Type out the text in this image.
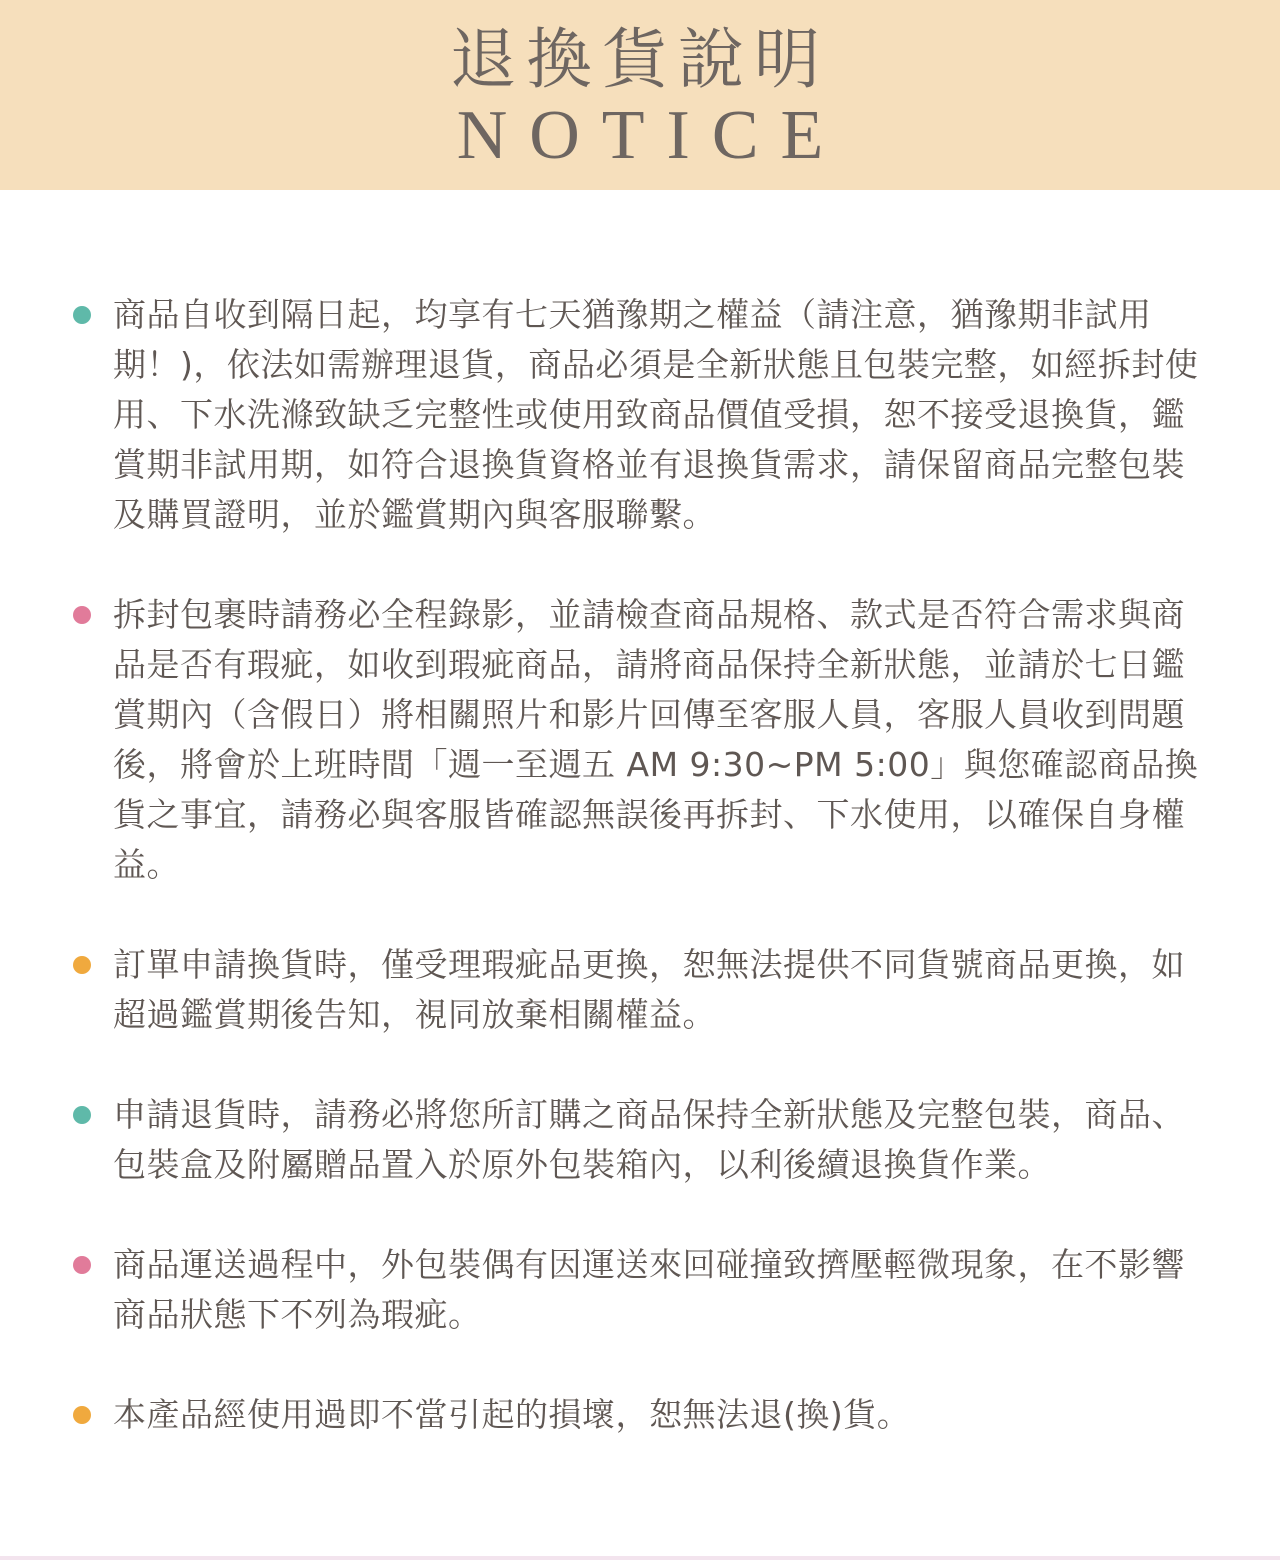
退換貨說明
NOTICE

商品自收到隔日起，均享有七天猶豫期之權益（請注意，猶豫期非試用期！)，依法如需辦理退貨，商品必須是全新狀態且包裝完整，如經拆封使用、下水洗滌致缺乏完整性或使用致商品價值受損，恕不接受退換貨，鑑賞期非試用期，如符合退換貨資格並有退換貨需求，請保留商品完整包裝及購買證明，並於鑑賞期內與客服聯繫。

拆封包裹時請務必全程錄影，並請檢查商品規格、款式是否符合需求與商品是否有瑕疵，如收到瑕疵商品，請將商品保持全新狀態，並請於七日鑑賞期內（含假日）將相關照片和影片回傳至客服人員，客服人員收到問題後，將會於上班時間「週一至週五 AM 9:30~PM 5:00」與您確認商品換貨之事宜，請務必與客服皆確認無誤後再拆封、下水使用，以確保自身權益。

訂單申請換貨時，僅受理瑕疵品更換，恕無法提供不同貨號商品更換，如超過鑑賞期後告知，視同放棄相關權益。

申請退貨時，請務必將您所訂購之商品保持全新狀態及完整包裝，商品、包裝盒及附屬贈品置入於原外包裝箱內，以利後續退換貨作業。

商品運送過程中，外包裝偶有因運送來回碰撞致擠壓輕微現象，在不影響商品狀態下不列為瑕疵。

本產品經使用過即不當引起的損壞，恕無法退(換)貨。
